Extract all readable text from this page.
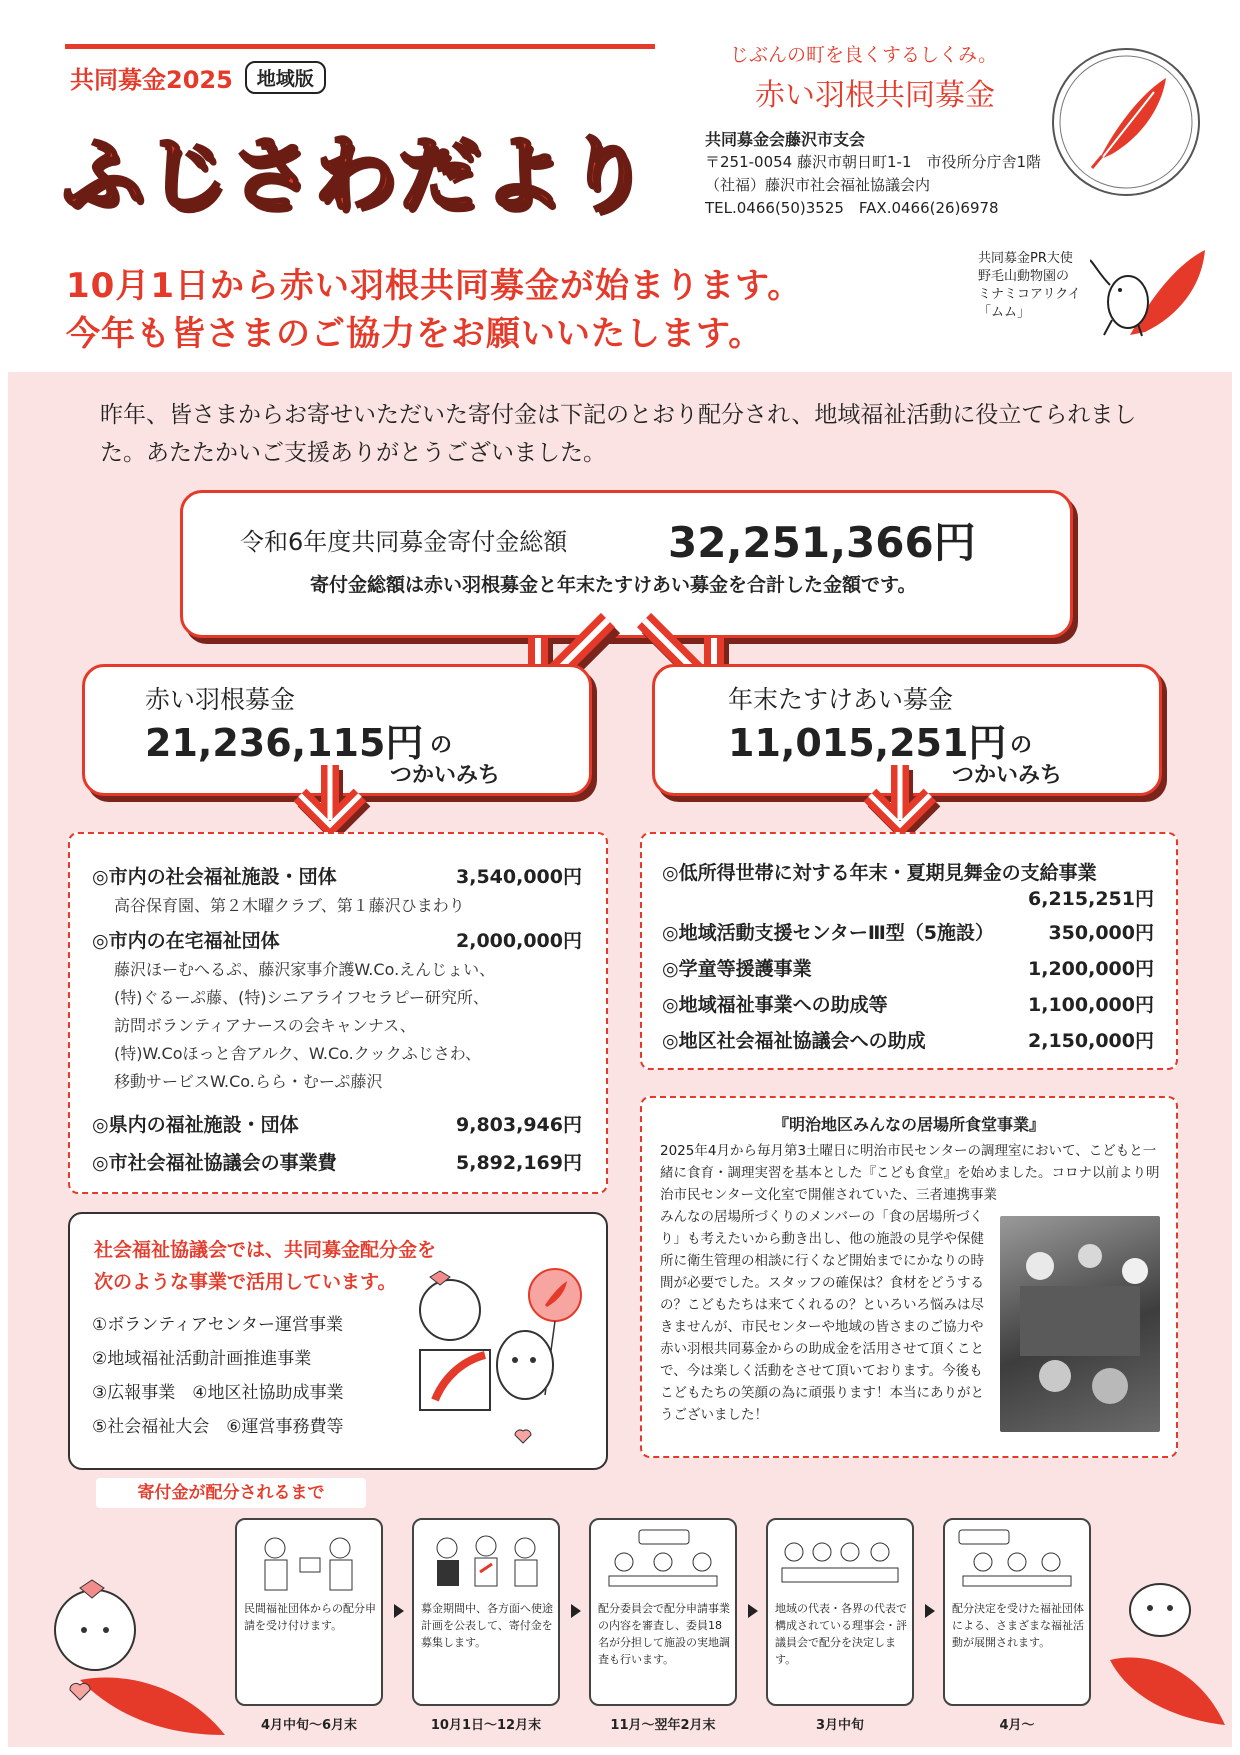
共同募金2025	地域版
ふじさわだより
じぶんの町を良くするしくみ。
赤い羽根共同募金
共同募金会藤沢市支会
〒251-0054 藤沢市朝日町1-1　市役所分庁舎1階
（社福）藤沢市社会福祉協議会内
TEL.0466(50)3525　FAX.0466(26)6978
10月1日から赤い羽根共同募金が始まります。
今年も皆さまのご協力をお願いいたします。
共同募金PR大使
野毛山動物園の
ミナミコアリクイ
「ムム」
昨年、皆さまからお寄せいただいた寄付金は下記のとおり配分され、地域福祉活動に役立てられました。あたたかいご支援ありがとうございました。
令和6年度共同募金寄付金総額 32,251,366円
寄付金総額は赤い羽根募金と年末たすけあい募金を合計した金額です。
赤い羽根募金
21,236,115円 の
つかいみち
年末たすけあい募金
11,015,251円 の
つかいみち
◎市内の社会福祉施設・団体	3,540,000円
高谷保育園、第２木曜クラブ、第１藤沢ひまわり
◎市内の在宅福祉団体	2,000,000円
藤沢ほーむへるぷ、藤沢家事介護W.Co.えんじょい、
(特)ぐるーぷ藤、(特)シニアライフセラピー研究所、
訪問ボランティアナースの会キャンナス、
(特)W.Coほっと舎アルク、W.Co.クックふじさわ、
移動サービスW.Co.らら・むーぷ藤沢
◎県内の福祉施設・団体	9,803,946円
◎市社会福祉協議会の事業費	5,892,169円
◎低所得世帯に対する年末・夏期見舞金の支給事業
6,215,251円
◎地域活動支援センターⅢ型（5施設）	350,000円
◎学童等援護事業	1,200,000円
◎地域福祉事業への助成等	1,100,000円
◎地区社会福祉協議会への助成	2,150,000円
『明治地区みんなの居場所食堂事業』
2025年4月から毎月第3土曜日に明治市民センターの調理室において、こどもと一緒に食育・調理実習を基本とした『こども食堂』を始めました。コロナ以前より明治市民センター文化室で開催されていた、三者連携事業
みんなの居場所づくりのメンバーの「食の居場所づくり」も考えたいから動き出し、他の施設の見学や保健所に衛生管理の相談に行くなど開始までにかなりの時間が必要でした。スタッフの確保は？食材をどうするの？こどもたちは来てくれるの？といろいろ悩みは尽きませんが、市民センターや地域の皆さまのご協力や赤い羽根共同募金からの助成金を活用させて頂くことで、今は楽しく活動をさせて頂いております。今後もこどもたちの笑顔の為に頑張ります！本当にありがとうございました！
社会福祉協議会では、共同募金配分金を
次のような事業で活用しています。
①ボランティアセンター運営事業
②地域福祉活動計画推進事業
③広報事業　④地区社協助成事業
⑤社会福祉大会　⑥運営事務費等
寄付金が配分されるまで
民間福祉団体からの配分申請を受け付けます。
募金期間中、各方面へ使途計画を公表して、寄付金を募集します。
配分委員会で配分申請事業の内容を審査し、委員18名が分担して施設の実地調査も行います。
地域の代表・各界の代表で構成されている理事会・評議員会で配分を決定します。
配分決定を受けた福祉団体による、さまざまな福祉活動が展開されます。
4月中旬〜6月末	10月1日〜12月末	11月〜翌年2月末	3月中旬	4月〜
